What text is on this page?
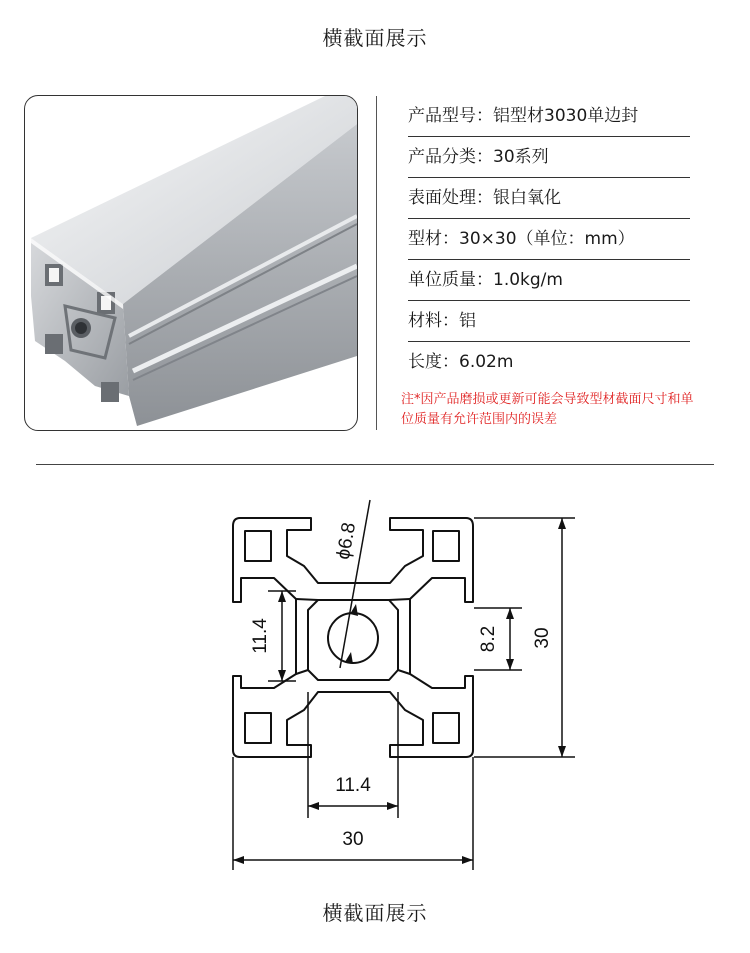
横截面展示
产品型号：铝型材3030单边封
产品分类：30系列
表面处理：银白氧化
型材：30×30（单位：mm）
单位质量：1.0kg/m
材料：铝
长度：6.02m
注*因产品磨损或更新可能会导致型材截面尺寸和单位质量有允许范围内的误差
ϕ6.8
11.4	8.2 30
11.4
30
横截面展示
